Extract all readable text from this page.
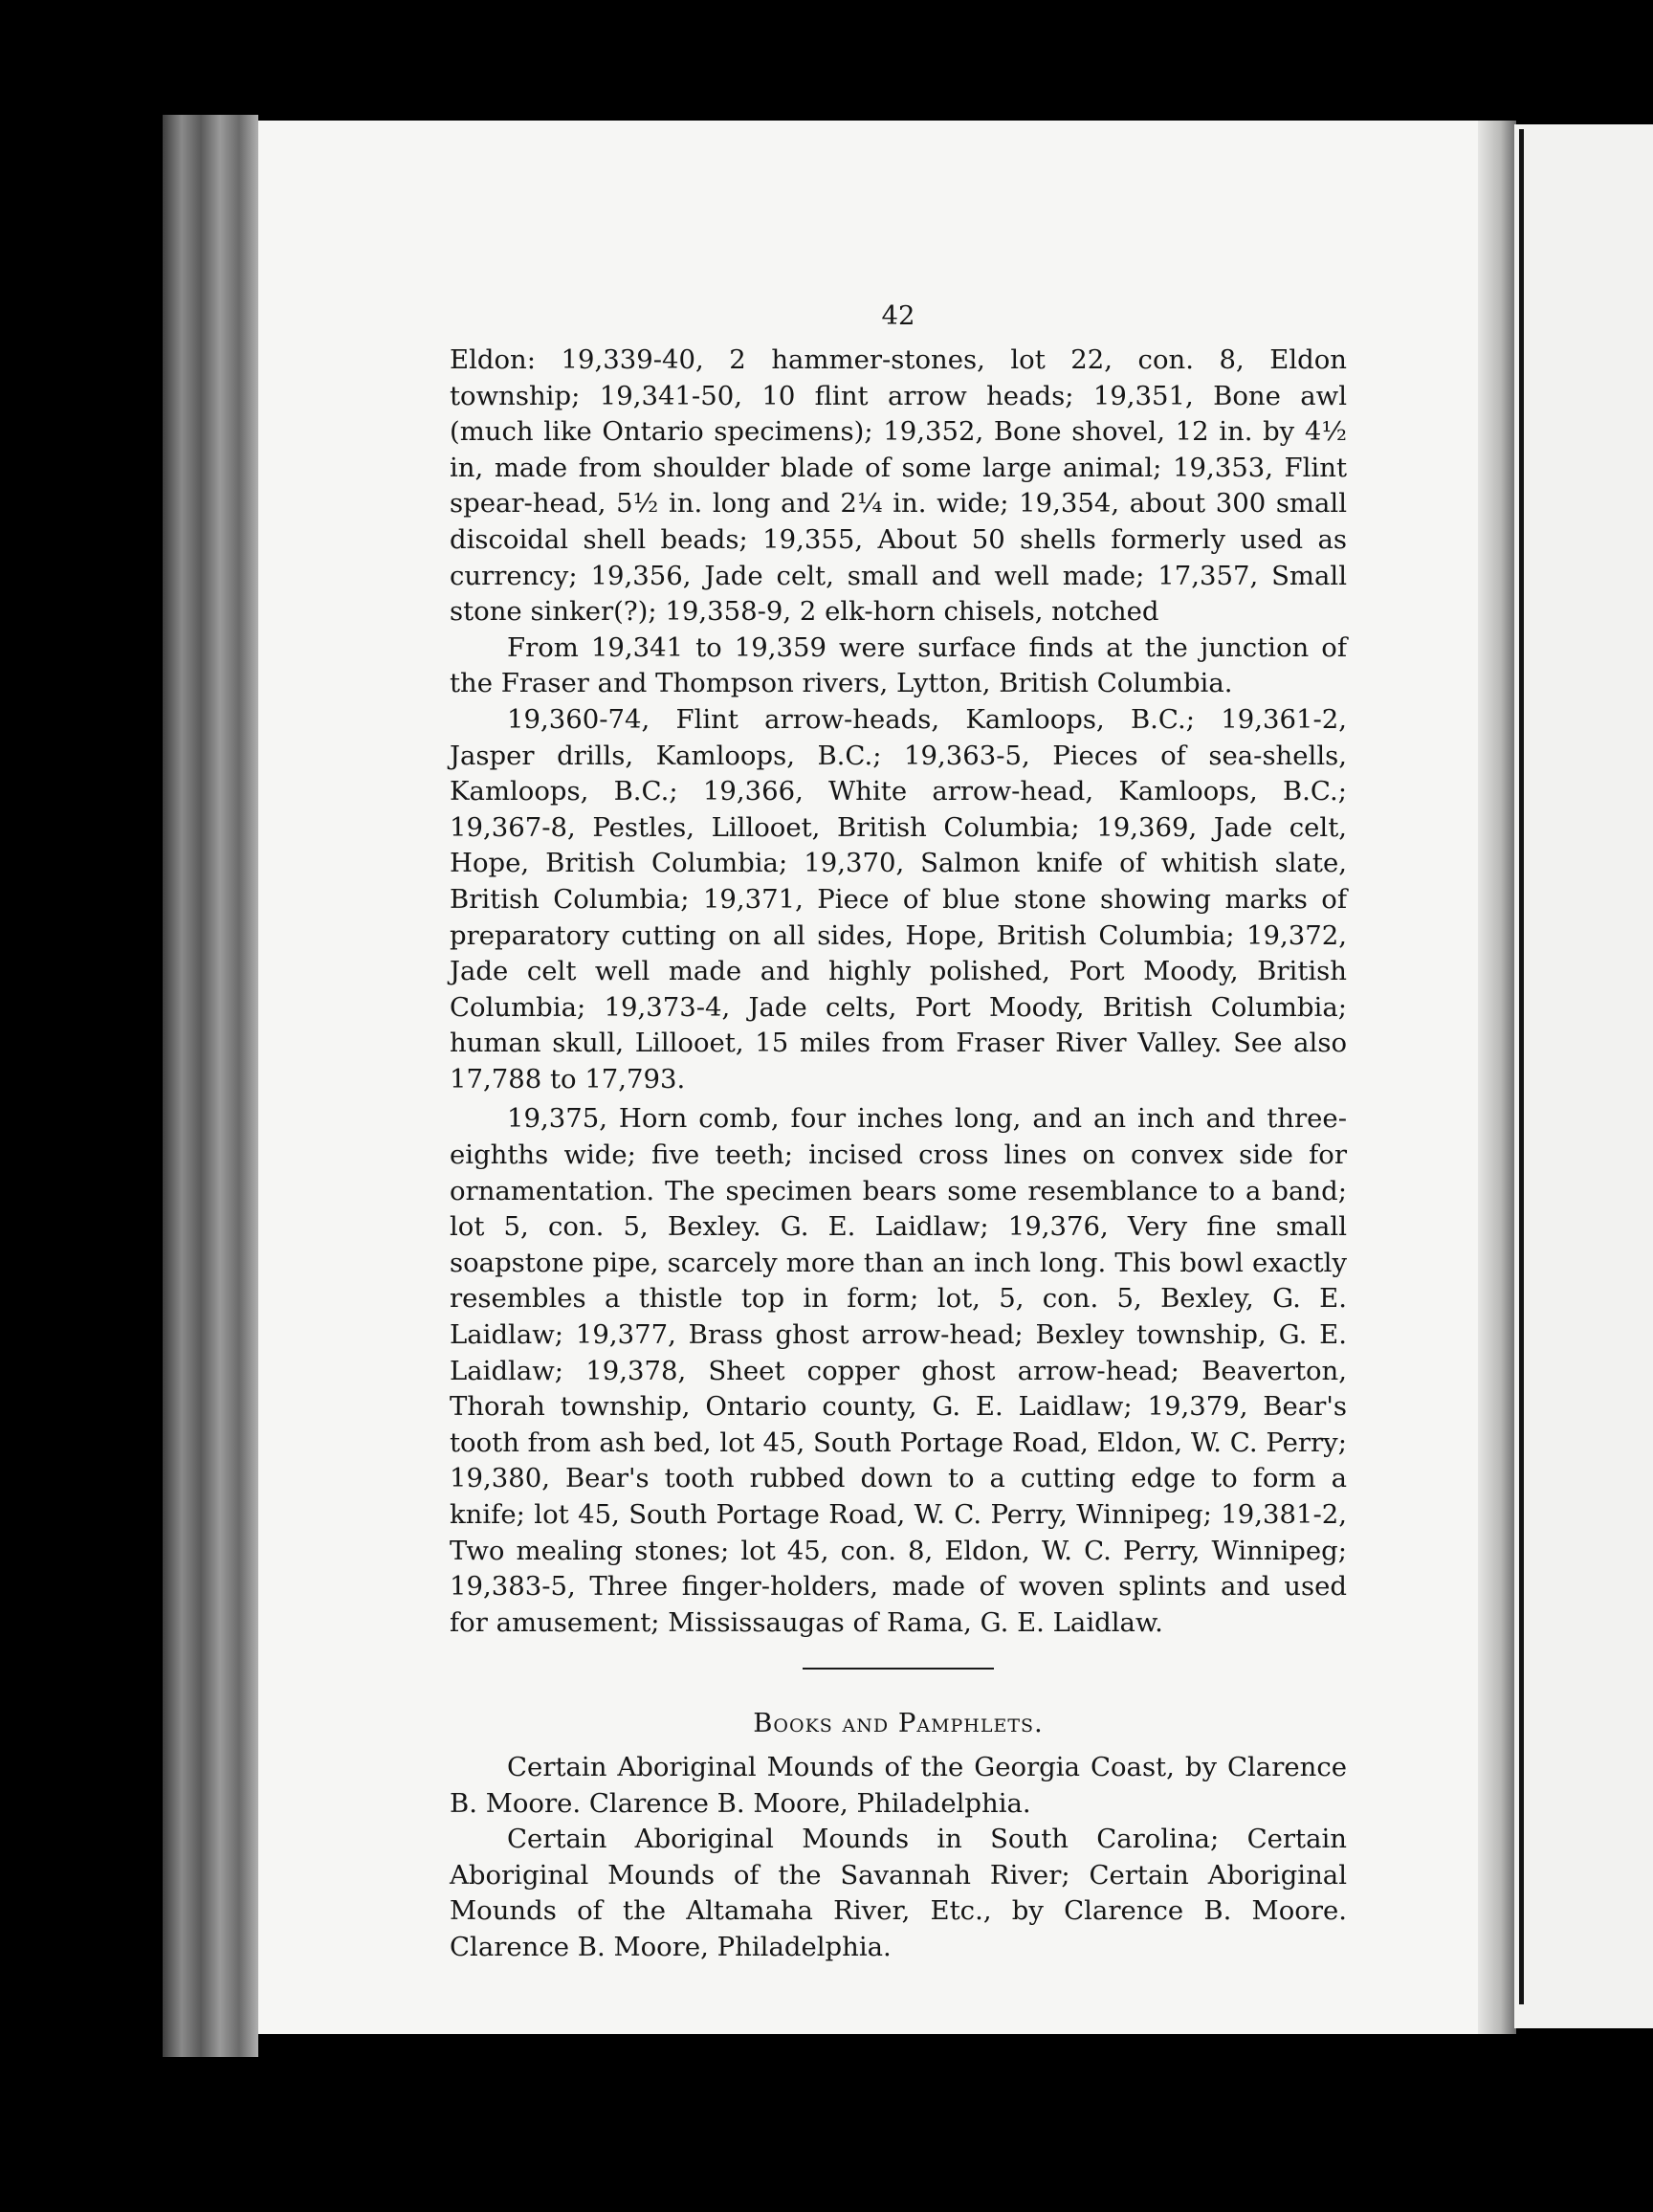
42

Eldon: 19,339-40, 2 hammer-stones, lot 22, con. 8, Eldon township; 19,341-50, 10 flint arrow heads; 19,351, Bone awl (much like Ontario specimens); 19,352, Bone shovel, 12 in. by 4½ in, made from shoulder blade of some large animal; 19,353, Flint spear-head, 5½ in. long and 2¼ in. wide; 19,354, about 300 small discoidal shell beads; 19,355, About 50 shells formerly used as currency; 19,356, Jade celt, small and well made; 17,357, Small stone sinker(?); 19,358-9, 2 elk-horn chisels, notched

From 19,341 to 19,359 were surface finds at the junction of the Fraser and Thompson rivers, Lytton, British Columbia.

19,360-74, Flint arrow-heads, Kamloops, B.C.; 19,361-2, Jasper drills, Kamloops, B.C.; 19,363-5, Pieces of sea-shells, Kamloops, B.C.; 19,366, White arrow-head, Kamloops, B.C.; 19,367-8, Pestles, Lillooet, British Columbia; 19,369, Jade celt, Hope, British Columbia; 19,370, Salmon knife of whitish slate, British Columbia; 19,371, Piece of blue stone showing marks of preparatory cutting on all sides, Hope, British Columbia; 19,372, Jade celt well made and highly polished, Port Moody, British Columbia; 19,373-4, Jade celts, Port Moody, British Columbia; human skull, Lillooet, 15 miles from Fraser River Valley. See also 17,788 to 17,793.

19,375, Horn comb, four inches long, and an inch and three-eighths wide; five teeth; incised cross lines on convex side for ornamentation. The specimen bears some resemblance to a band; lot 5, con. 5, Bexley. G. E. Laidlaw; 19,376, Very fine small soapstone pipe, scarcely more than an inch long. This bowl exactly resembles a thistle top in form; lot, 5, con. 5, Bexley, G. E. Laidlaw; 19,377, Brass ghost arrow-head; Bexley township, G. E. Laidlaw; 19,378, Sheet copper ghost arrow-head; Beaverton, Thorah township, Ontario county, G. E. Laidlaw; 19,379, Bear's tooth from ash bed, lot 45, South Portage Road, Eldon, W. C. Perry; 19,380, Bear's tooth rubbed down to a cutting edge to form a knife; lot 45, South Portage Road, W. C. Perry, Winnipeg; 19,381-2, Two mealing stones; lot 45, con. 8, Eldon, W. C. Perry, Winnipeg; 19,383-5, Three finger-holders, made of woven splints and used for amusement; Mississaugas of Rama, G. E. Laidlaw.

Books and Pamphlets.

Certain Aboriginal Mounds of the Georgia Coast, by Clarence B. Moore. Clarence B. Moore, Philadelphia.

Certain Aboriginal Mounds in South Carolina; Certain Aboriginal Mounds of the Savannah River; Certain Aboriginal Mounds of the Altamaha River, Etc., by Clarence B. Moore. Clarence B. Moore, Philadelphia.
